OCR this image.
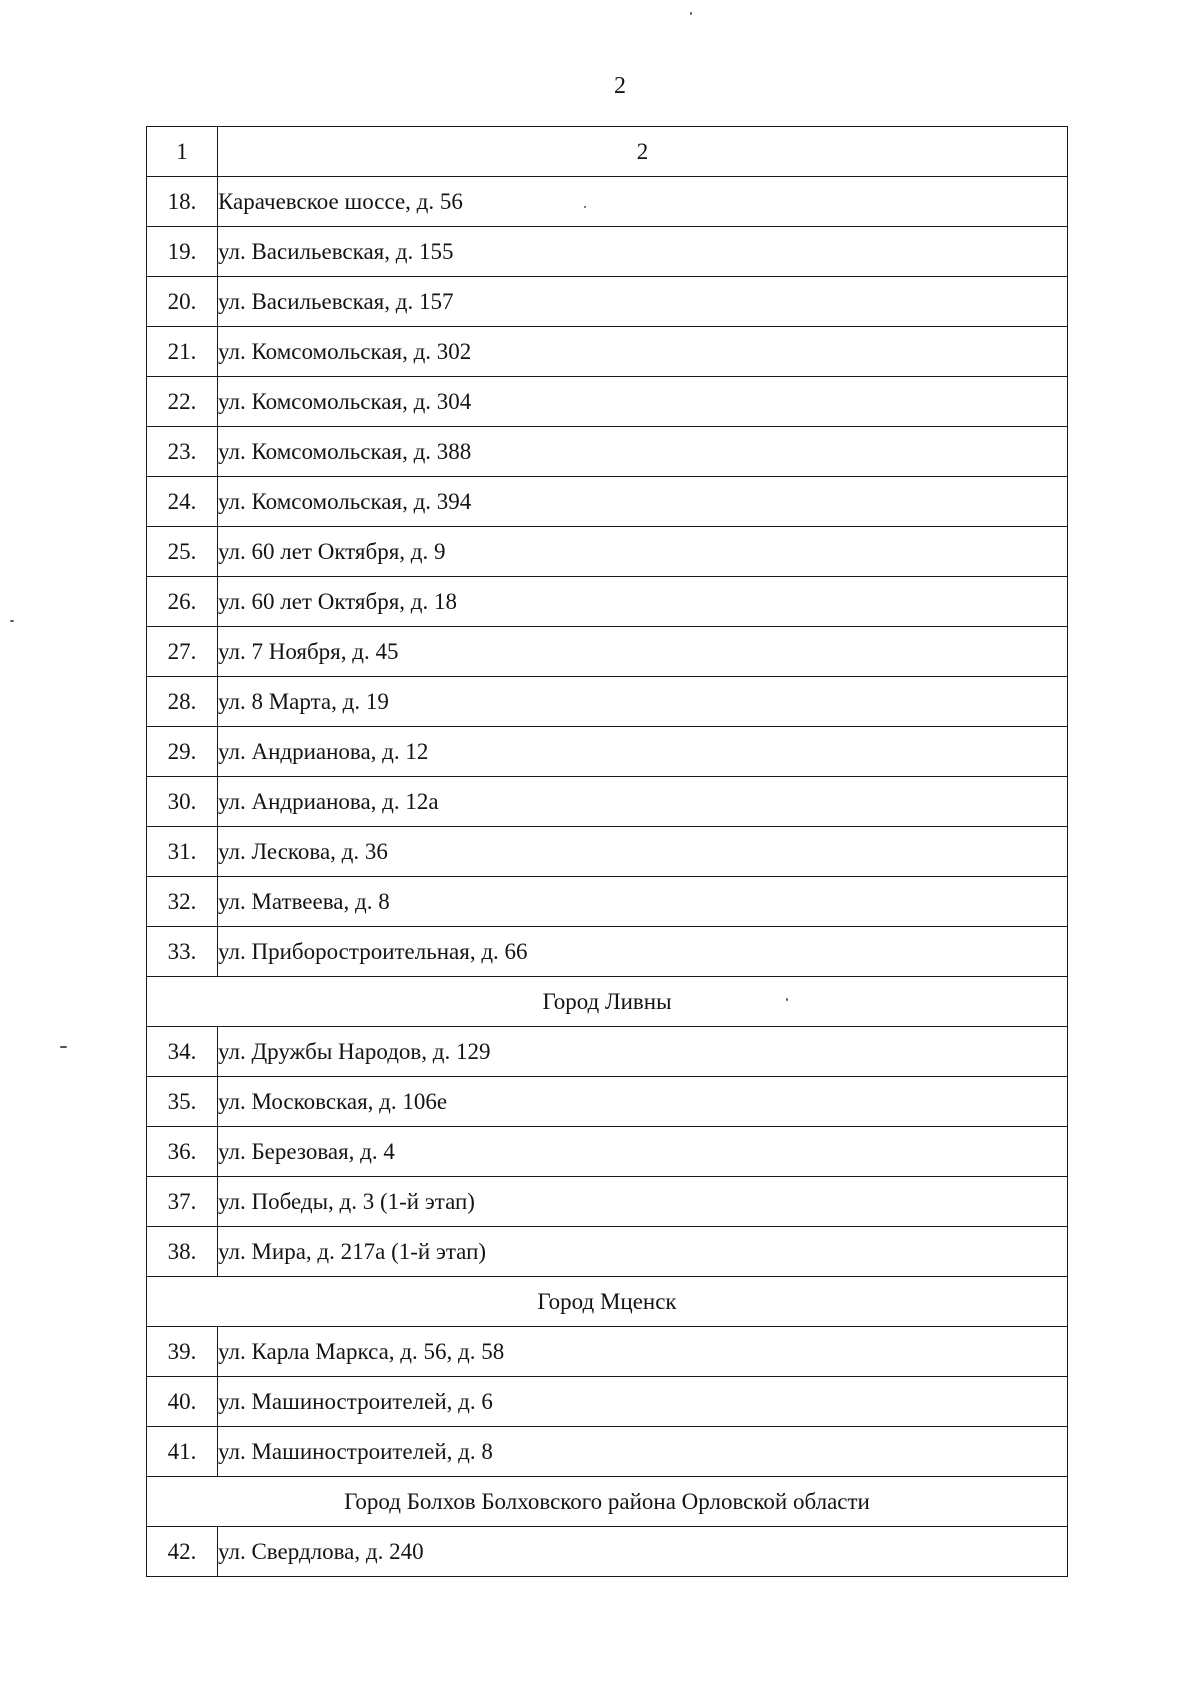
2
1	2
18.	Карачевское шоссе, д. 56
19.	ул. Васильевская, д. 155
20.	ул. Васильевская, д. 157
21.	ул. Комсомольская, д. 302
22.	ул. Комсомольская, д. 304
23.	ул. Комсомольская, д. 388
24.	ул. Комсомольская, д. 394
25.	ул. 60 лет Октября, д. 9
26.	ул. 60 лет Октября, д. 18
27.	ул. 7 Ноября, д. 45
28.	ул. 8 Марта, д. 19
29.	ул. Андрианова, д. 12
30.	ул. Андрианова, д. 12а
31.	ул. Лескова, д. 36
32.	ул. Матвеева, д. 8
33.	ул. Приборостроительная, д. 66
Город Ливны	
34.	ул. Дружбы Народов, д. 129
35.	ул. Московская, д. 106е
36.	ул. Березовая, д. 4
37.	ул. Победы, д. 3 (1-й этап)
38.	ул. Мира, д. 217а (1-й этап)
Город Мценск	
39.	ул. Карла Маркса, д. 56, д. 58
40.	ул. Машиностроителей, д. 6
41.	ул. Машиностроителей, д. 8
Город Болхов Болховского района Орловской области	
42.	ул. Свердлова, д. 240
